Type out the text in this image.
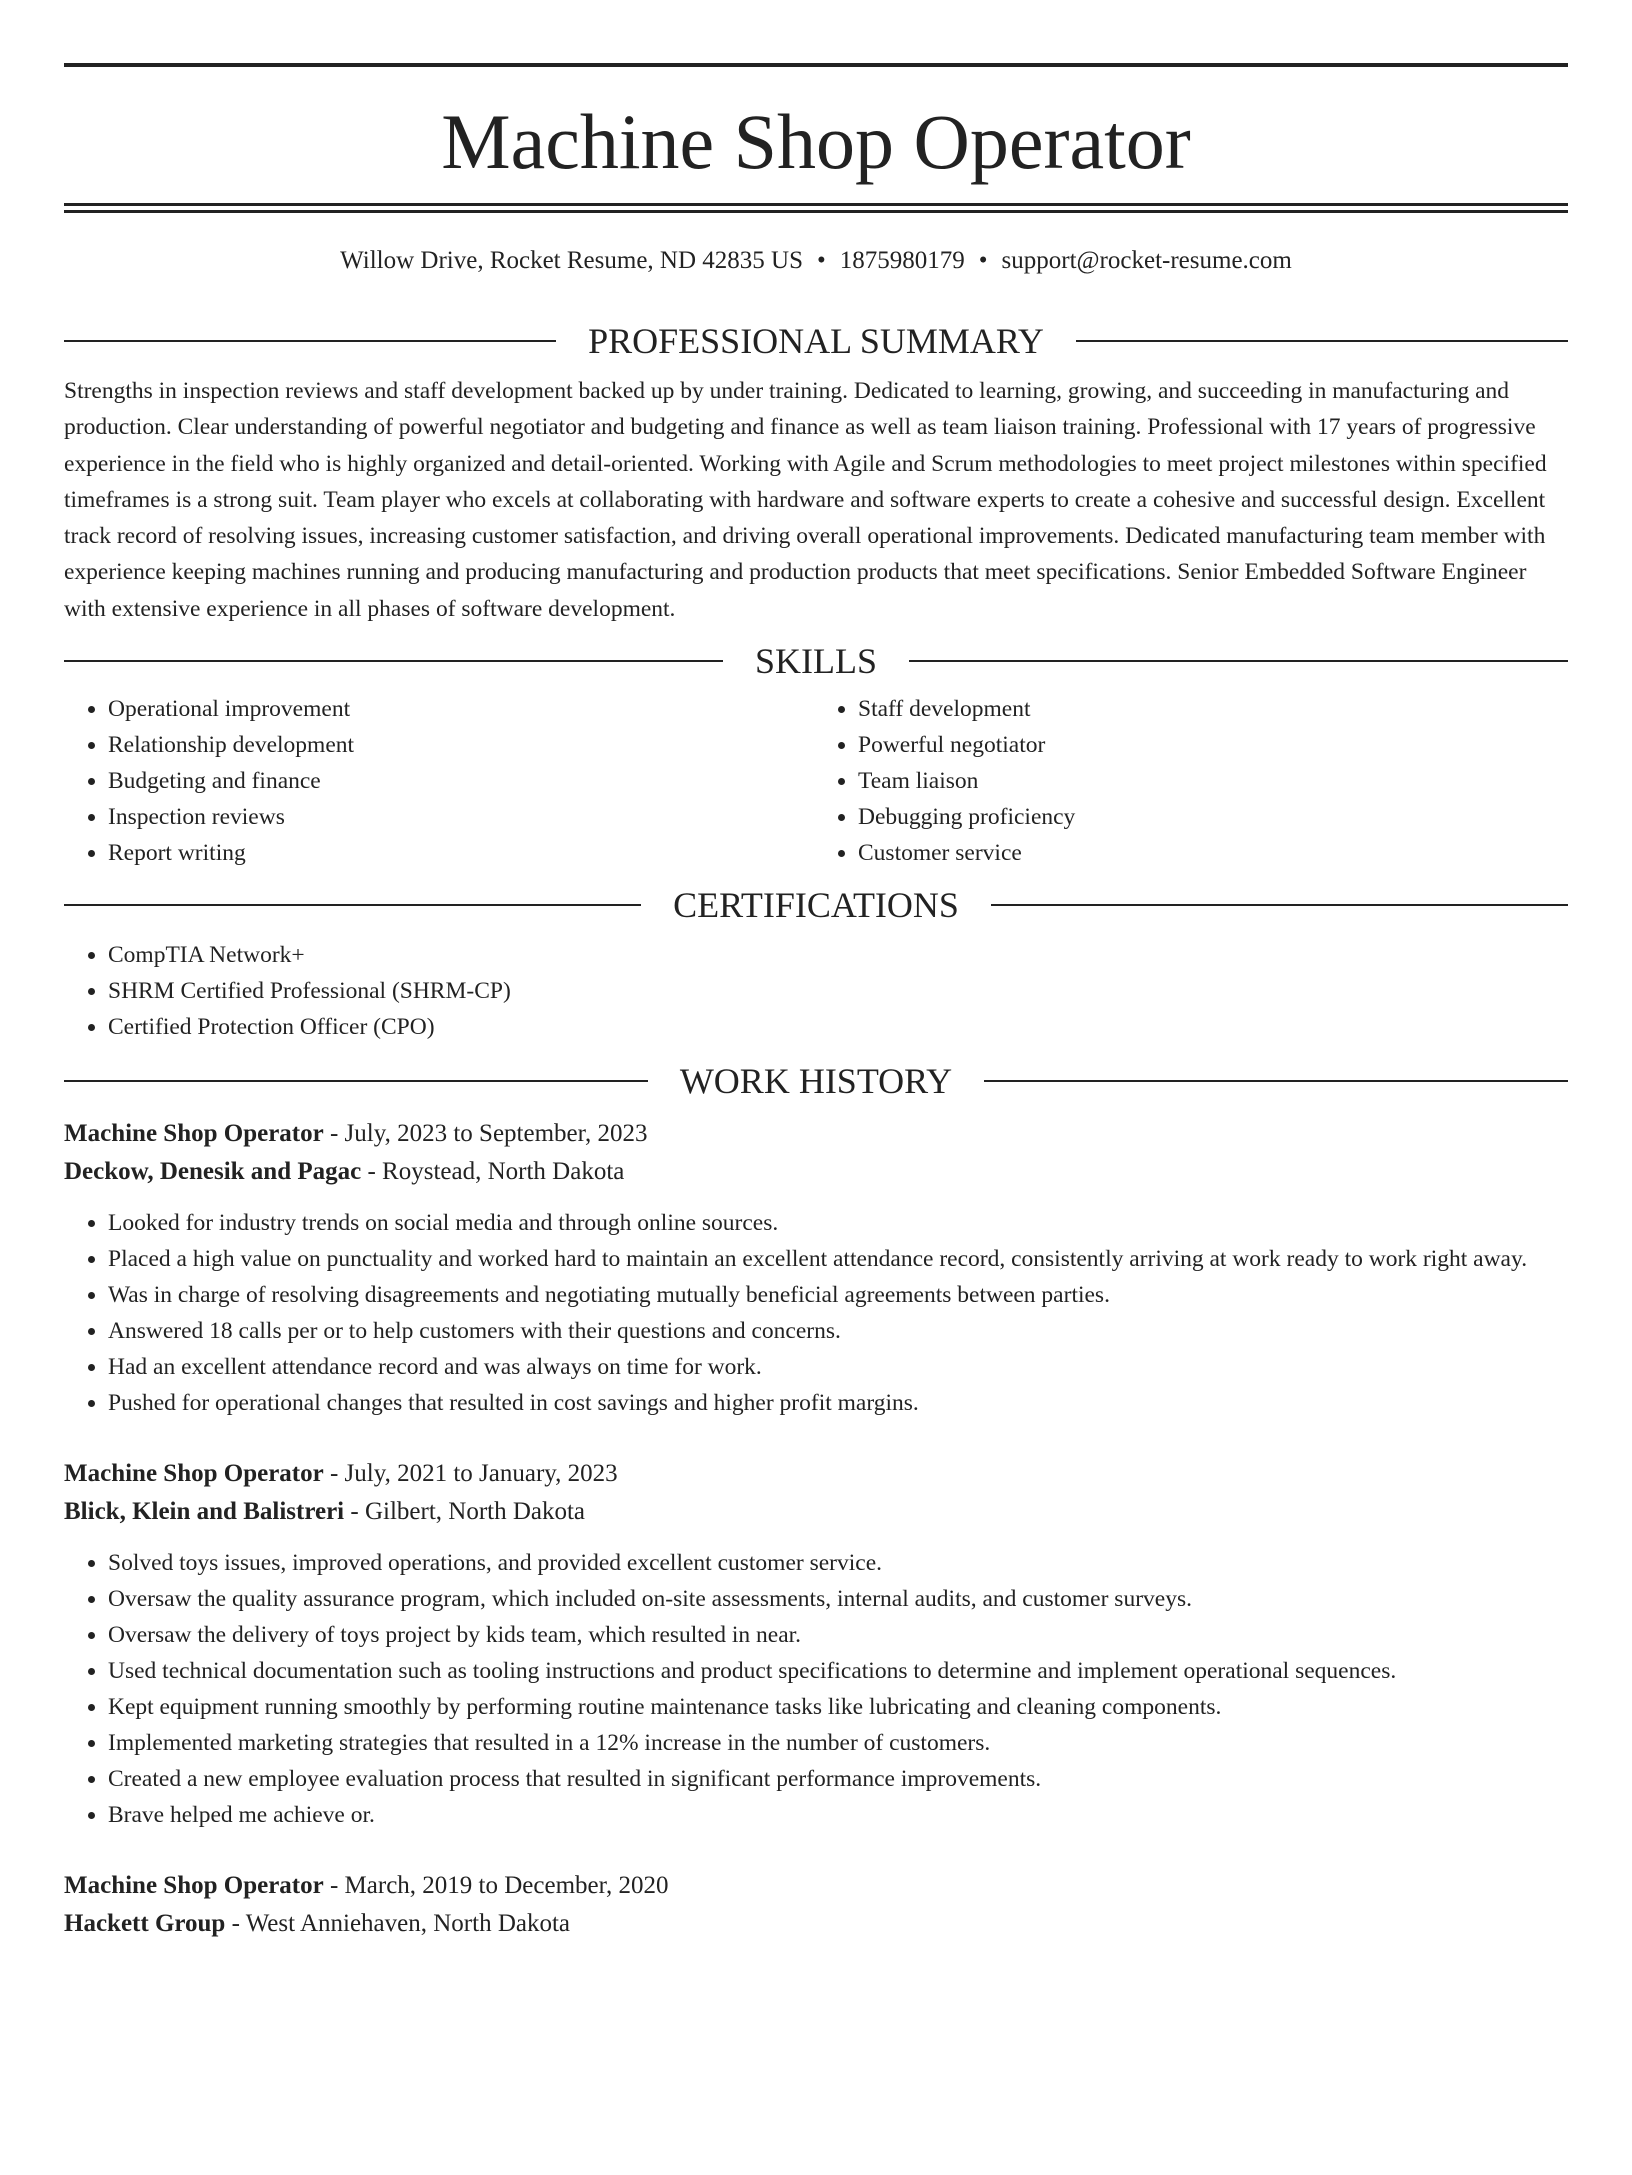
Machine Shop Operator
Willow Drive, Rocket Resume, ND 42835 US • 1875980179 • support@rocket-resume.com
PROFESSIONAL SUMMARY
Strengths in inspection reviews and staff development backed up by under training. Dedicated to learning, growing, and succeeding in manufacturing and production. Clear understanding of powerful negotiator and budgeting and finance as well as team liaison training. Professional with 17 years of progressive experience in the field who is highly organized and detail-oriented. Working with Agile and Scrum methodologies to meet project milestones within specified timeframes is a strong suit. Team player who excels at collaborating with hardware and software experts to create a cohesive and successful design. Excellent track record of resolving issues, increasing customer satisfaction, and driving overall operational improvements. Dedicated manufacturing team member with experience keeping machines running and producing manufacturing and production products that meet specifications. Senior Embedded Software Engineer with extensive experience in all phases of software development.
SKILLS
• Operational improvement
• Relationship development
• Budgeting and finance
• Inspection reviews
• Report writing
• Staff development
• Powerful negotiator
• Team liaison
• Debugging proficiency
• Customer service
CERTIFICATIONS
• CompTIA Network+
• SHRM Certified Professional (SHRM-CP)
• Certified Protection Officer (CPO)
WORK HISTORY
Machine Shop Operator - July, 2023 to September, 2023
Deckow, Denesik and Pagac - Roystead, North Dakota
• Looked for industry trends on social media and through online sources.
• Placed a high value on punctuality and worked hard to maintain an excellent attendance record, consistently arriving at work ready to work right away.
• Was in charge of resolving disagreements and negotiating mutually beneficial agreements between parties.
• Answered 18 calls per or to help customers with their questions and concerns.
• Had an excellent attendance record and was always on time for work.
• Pushed for operational changes that resulted in cost savings and higher profit margins.
Machine Shop Operator - July, 2021 to January, 2023
Blick, Klein and Balistreri - Gilbert, North Dakota
• Solved toys issues, improved operations, and provided excellent customer service.
• Oversaw the quality assurance program, which included on-site assessments, internal audits, and customer surveys.
• Oversaw the delivery of toys project by kids team, which resulted in near.
• Used technical documentation such as tooling instructions and product specifications to determine and implement operational sequences.
• Kept equipment running smoothly by performing routine maintenance tasks like lubricating and cleaning components.
• Implemented marketing strategies that resulted in a 12% increase in the number of customers.
• Created a new employee evaluation process that resulted in significant performance improvements.
• Brave helped me achieve or.
Machine Shop Operator - March, 2019 to December, 2020
Hackett Group - West Anniehaven, North Dakota
